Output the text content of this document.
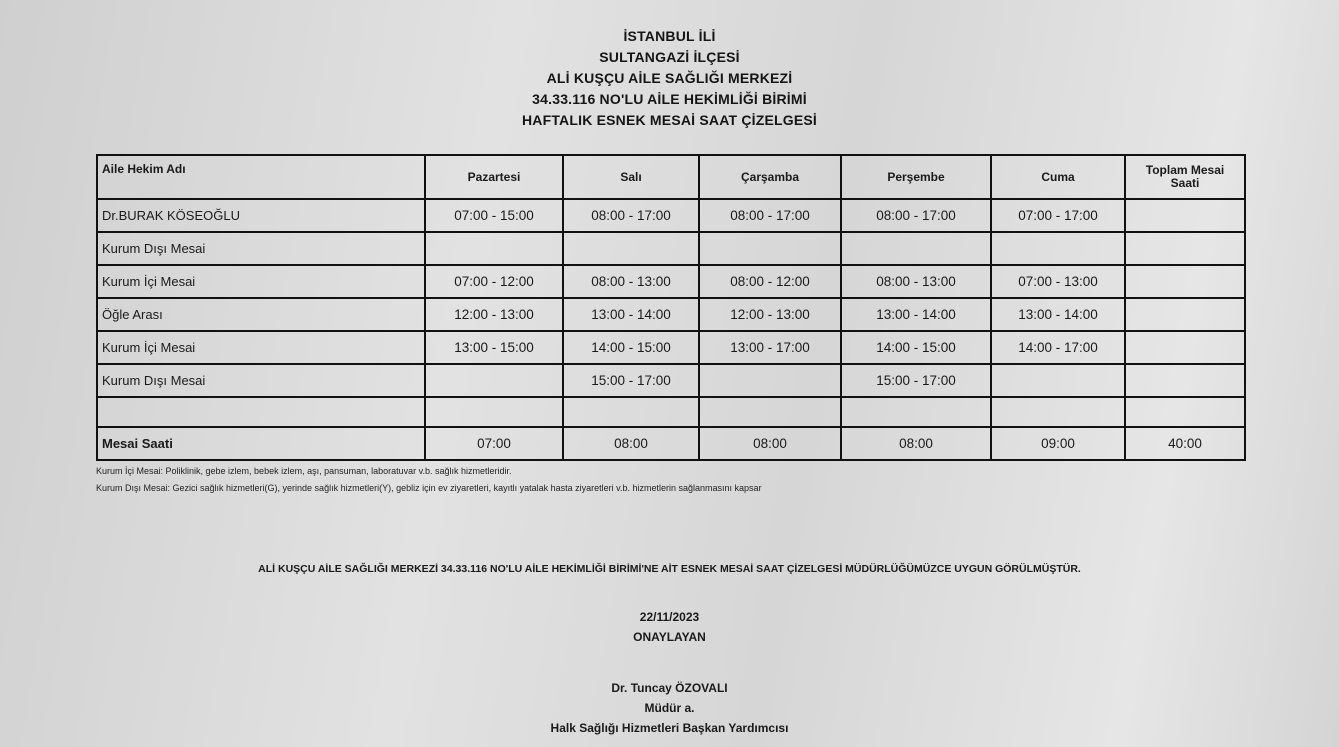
İSTANBUL İLİ
SULTANGAZİ İLÇESİ
ALİ KUŞÇU AİLE SAĞLIĞI MERKEZİ
34.33.116 NO'LU AİLE HEKİMLİĞİ BİRİMİ
HAFTALIK ESNEK MESAİ SAAT ÇİZELGESİ
Aile Hekim Adı	Pazartesi	Salı	Çarşamba	Perşembe	Cuma	Toplam Mesai Saati
Dr.BURAK KÖSEOĞLU	07:00 - 15:00	08:00 - 17:00	08:00 - 17:00	08:00 - 17:00	07:00 - 17:00	
Kurum Dışı Mesai						
Kurum İçi Mesai	07:00 - 12:00	08:00 - 13:00	08:00 - 12:00	08:00 - 13:00	07:00 - 13:00	
Öğle Arası	12:00 - 13:00	13:00 - 14:00	12:00 - 13:00	13:00 - 14:00	13:00 - 14:00	
Kurum İçi Mesai	13:00 - 15:00	14:00 - 15:00	13:00 - 17:00	14:00 - 15:00	14:00 - 17:00	
Kurum Dışı Mesai		15:00 - 17:00		15:00 - 17:00		

Mesai Saati	07:00	08:00	08:00	08:00	09:00	40:00
Kurum İçi Mesai: Poliklinik, gebe izlem, bebek izlem, aşı, pansuman, laboratuvar v.b. sağlık hizmetleridir.
Kurum Dışı Mesai: Gezici sağlık hizmetleri(G), yerinde sağlık hizmetleri(Y), gebliz için ev ziyaretleri, kayıtlı yatalak hasta ziyaretleri v.b. hizmetlerin sağlanmasını kapsar
ALİ KUŞÇU AİLE SAĞLIĞI MERKEZİ 34.33.116 NO'LU AİLE HEKİMLİĞİ BİRİMİ'NE AİT ESNEK MESAİ SAAT ÇİZELGESİ MÜDÜRLÜĞÜMÜZCE UYGUN GÖRÜLMÜŞTÜR.
22/11/2023
ONAYLAYAN
Dr. Tuncay ÖZOVALI
Müdür a.
Halk Sağlığı Hizmetleri Başkan Yardımcısı
